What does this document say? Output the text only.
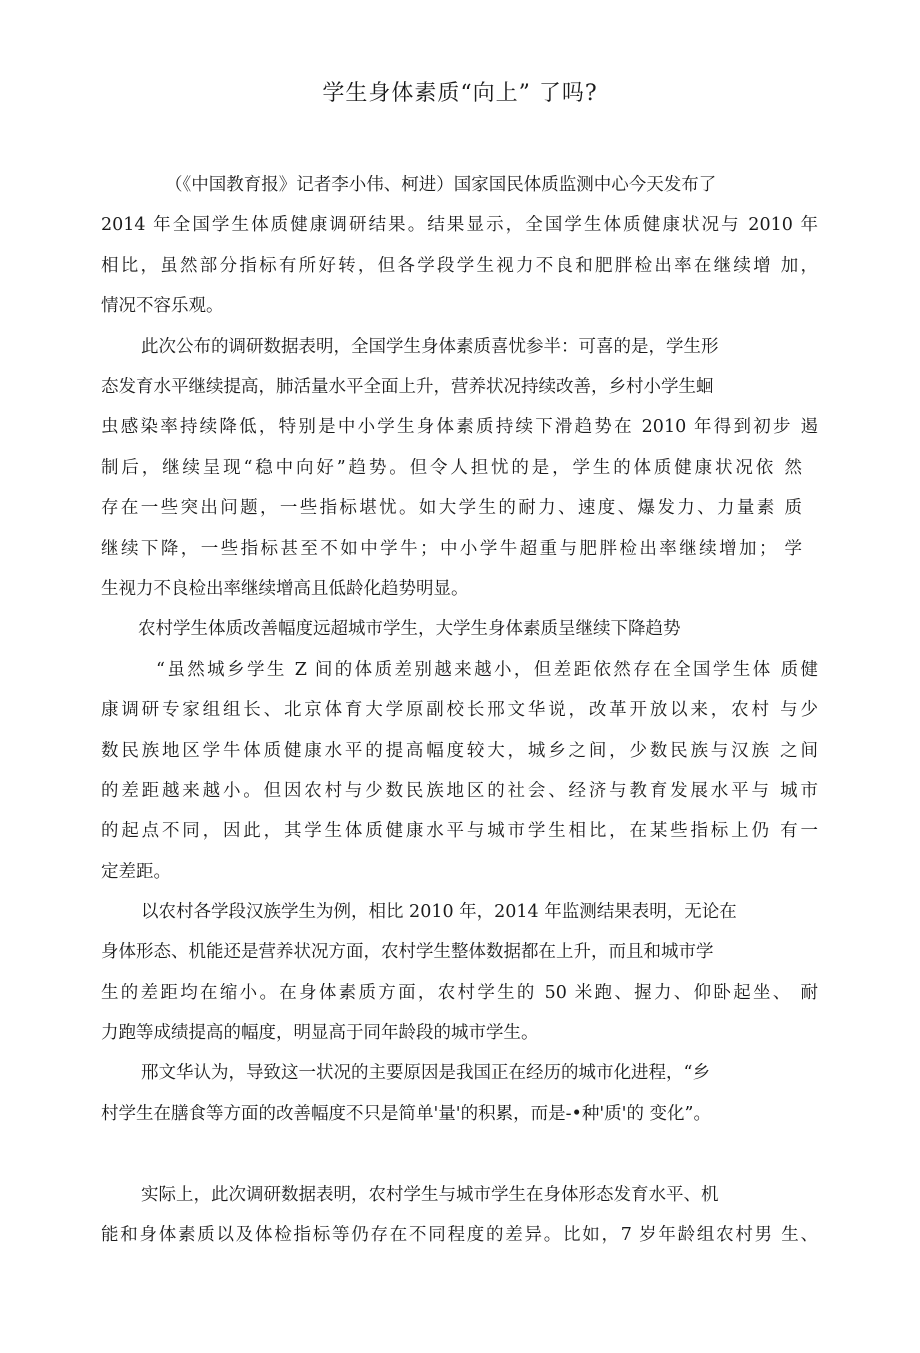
学生身体素质“向上” 了吗?
（《中国教育报》记者李小伟、柯进）国家国民体质监测中心今天发布了
2014 年全国学生体质健康调研结果。结果显示，全国学生体质健康状况与 2010 年
相比，虽然部分指标有所好转，但各学段学生视力不良和肥胖检出率在继续增 加，
情况不容乐观。
此次公布的调研数据表明，全国学生身体素质喜忧参半：可喜的是，学生形
态发育水平继续提高，肺活量水平全面上升，营养状况持续改善，乡村小学生蛔
虫感染率持续降低，特别是中小学生身体素质持续下滑趋势在 2010 年得到初步 遏
制后，继续呈现“稳中向好”趋势。但令人担忧的是，学生的体质健康状况依 然
存在一些突出问题，一些指标堪忧。如大学生的耐力、速度、爆发力、力量素 质
继续下降，一些指标甚至不如中学牛；中小学牛超重与肥胖检出率继续增加； 学
生视力不良检出率继续增高且低龄化趋势明显。
农村学生体质改善幅度远超城市学生，大学生身体素质呈继续下降趋势
“虽然城乡学生 Z 间的体质差别越来越小，但差距依然存在全国学生体 质健
康调研专家组组长、北京体育大学原副校长邢文华说，改革开放以来，农村 与少
数民族地区学牛体质健康水平的提高幅度较大，城乡之间，少数民族与汉族 之间
的差距越来越小。但因农村与少数民族地区的社会、经济与教育发展水平与 城市
的起点不同，因此，其学生体质健康水平与城市学生相比，在某些指标上仍 有一
定差距。
以农村各学段汉族学生为例，相比 2010 年，2014 年监测结果表明，无论在
身体形态、机能还是营养状况方面，农村学生整体数据都在上升，而且和城市学
生的差距均在缩小。在身体素质方面，农村学生的 50 米跑、握力、仰卧起坐、 耐
力跑等成绩提高的幅度，明显高于同年龄段的城市学生。
邢文华认为，导致这一状况的主要原因是我国正在经历的城市化进程，“乡
村学生在膳食等方面的改善幅度不只是简单'量'的积累，而是-•种'质'的 变化”。
实际上，此次调研数据表明，农村学生与城市学生在身体形态发育水平、机
能和身体素质以及体检指标等仍存在不同程度的差异。比如，7 岁年龄组农村男 生、
